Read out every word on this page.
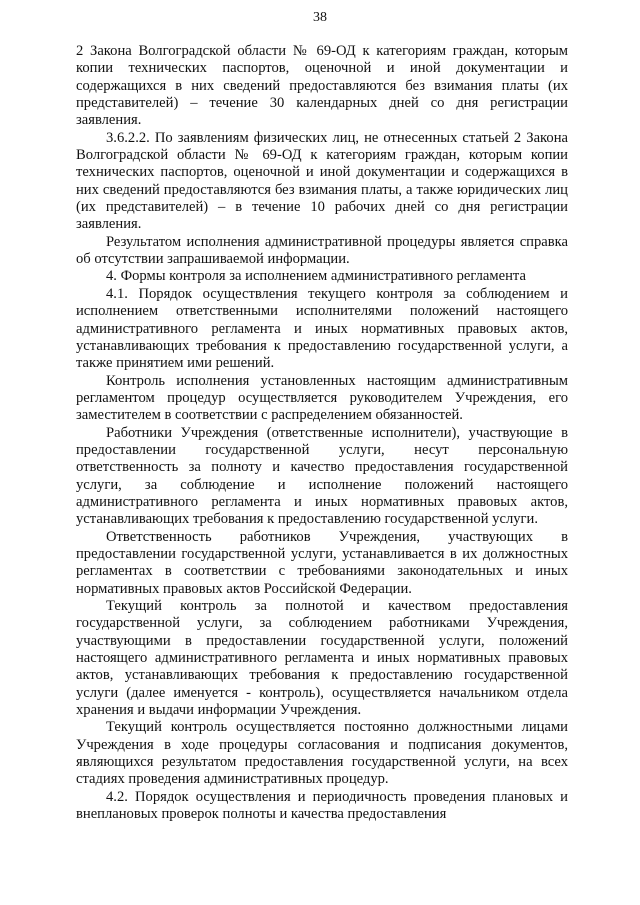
38

2 Закона Волгоградской области № 69-ОД к категориям граждан, которым копии технических паспортов, оценочной и иной документации и содержащихся в них сведений предоставляются без взимания платы (их представителей) – течение 30 календарных дней со дня регистрации заявления.

3.6.2.2. По заявлениям физических лиц, не отнесенных статьей 2 Закона Волгоградской области № 69-ОД к категориям граждан, которым копии технических паспортов, оценочной и иной документации и содержащихся в них сведений предоставляются без взимания платы, а также юридических лиц (их представителей) – в течение 10 рабочих дней со дня регистрации заявления.

Результатом исполнения административной процедуры является справка об отсутствии запрашиваемой информации.

4. Формы контроля за исполнением административного регламента

4.1. Порядок осуществления текущего контроля за соблюдением и исполнением ответственными исполнителями положений настоящего административного регламента и иных нормативных правовых актов, устанавливающих требования к предоставлению государственной услуги, а также принятием ими решений.

Контроль исполнения установленных настоящим административным регламентом процедур осуществляется руководителем Учреждения, его заместителем в соответствии с распределением обязанностей.

Работники Учреждения (ответственные исполнители), участвующие в предоставлении государственной услуги, несут персональную ответственность за полноту и качество предоставления государственной услуги, за соблюдение и исполнение положений настоящего административного регламента и иных нормативных правовых актов, устанавливающих требования к предоставлению государственной услуги.

Ответственность работников Учреждения, участвующих в предоставлении государственной услуги, устанавливается в их должностных регламентах в соответствии с требованиями законодательных и иных нормативных правовых актов Российской Федерации.

Текущий контроль за полнотой и качеством предоставления государственной услуги, за соблюдением работниками Учреждения, участвующими в предоставлении государственной услуги, положений настоящего административного регламента и иных нормативных правовых актов, устанавливающих требования к предоставлению государственной услуги (далее именуется - контроль), осуществляется начальником отдела хранения и выдачи информации Учреждения.

Текущий контроль осуществляется постоянно должностными лицами Учреждения в ходе процедуры согласования и подписания документов, являющихся результатом предоставления государственной услуги, на всех стадиях проведения административных процедур.

4.2. Порядок осуществления и периодичность проведения плановых и внеплановых проверок полноты и качества предоставления
